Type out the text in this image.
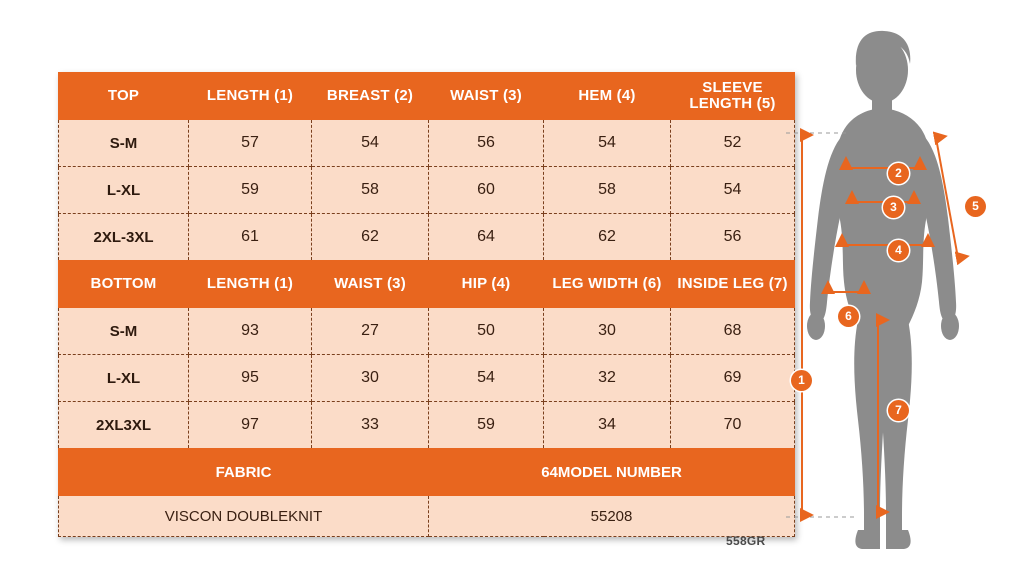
TOP	LENGTH (1)	BREAST (2)	WAIST (3)	HEM (4)	SLEEVE LENGTH (5)
S-M	57	54	56	54	52
L-XL	59	58	60	58	54
2XL-3XL	61	62	64	62	56
BOTTOM	LENGTH (1)	WAIST (3)	HIP (4)	LEG WIDTH (6)	INSIDE LEG (7)
S-M	93	27	50	30	68
L-XL	95	30	54	32	69
2XL3XL	97	33	59	34	70
FABRIC			64MODEL NUMBER		
VISCON DOUBLEKNIT			55208		
558GR
2
3
4
5
6
1
7
